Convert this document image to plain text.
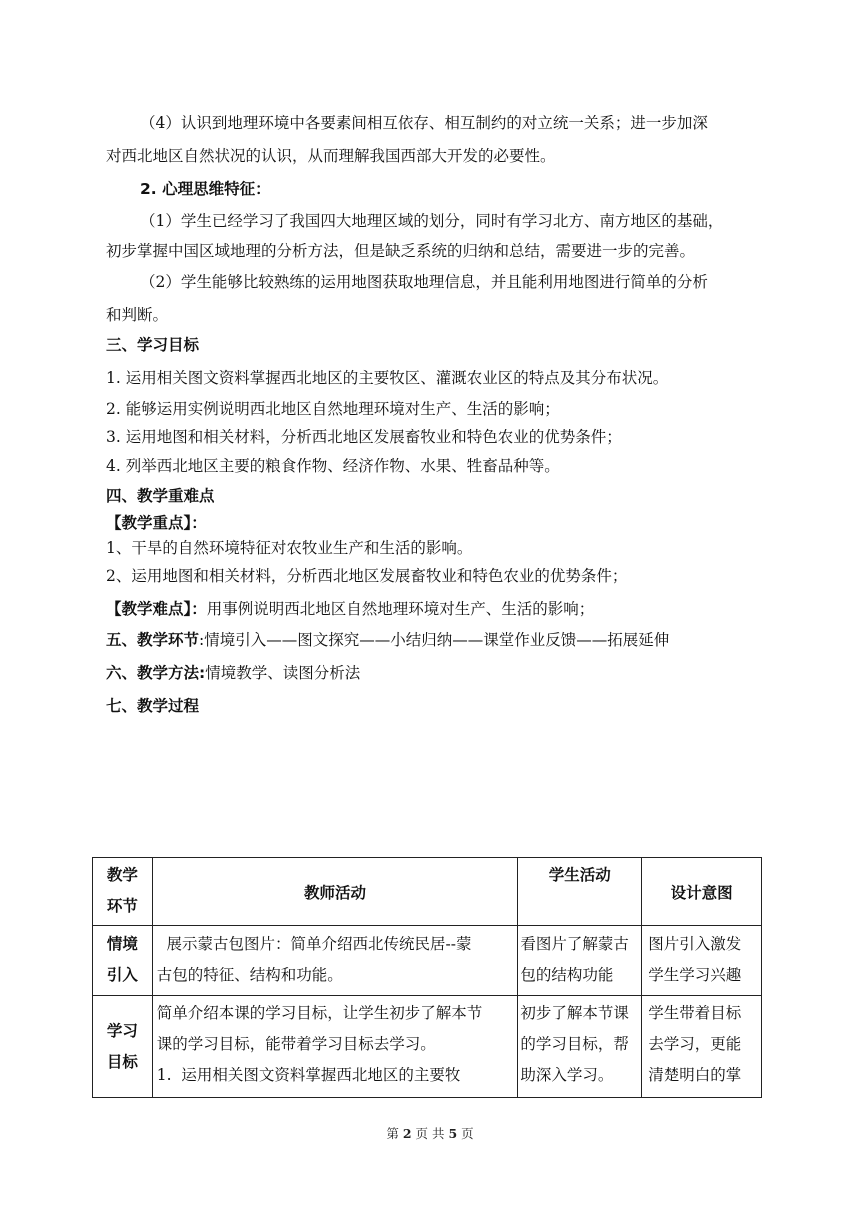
（4）认识到地理环境中各要素间相互依存、相互制约的对立统一关系；进一步加深
对西北地区自然状况的认识，从而理解我国西部大开发的必要性。
2. 心理思维特征：
（1）学生已经学习了我国四大地理区域的划分，同时有学习北方、南方地区的基础，
初步掌握中国区域地理的分析方法，但是缺乏系统的归纳和总结，需要进一步的完善。
（2）学生能够比较熟练的运用地图获取地理信息，并且能利用地图进行简单的分析
和判断。
三、学习目标
1. 运用相关图文资料掌握西北地区的主要牧区、灌溉农业区的特点及其分布状况。
2. 能够运用实例说明西北地区自然地理环境对生产、生活的影响；
3. 运用地图和相关材料，分析西北地区发展畜牧业和特色农业的优势条件；
4. 列举西北地区主要的粮食作物、经济作物、水果、牲畜品种等。
四、教学重难点
【教学重点】：
1、干旱的自然环境特征对农牧业生产和生活的影响。
2、运用地图和相关材料，分析西北地区发展畜牧业和特色农业的优势条件；
【教学难点】：用事例说明西北地区自然地理环境对生产、生活的影响；
五、教学环节:情境引入——图文探究——小结归纳——课堂作业反馈——拓展延伸
六、教学方法:情境教学、读图分析法
七、教学过程
教学
环节	教师活动	学生活动	设计意图

情境
引入	展示蒙古包图片：简单介绍西北传统民居--蒙
古包的特征、结构和功能。	看图片了解蒙古
包的结构功能	图片引入激发
学生学习兴趣

学习
目标	简单介绍本课的学习目标，让学生初步了解本节
课的学习目标，能带着学习目标去学习。
1.  运用相关图文资料掌握西北地区的主要牧	初步了解本节课
的学习目标，帮
助深入学习。	学生带着目标
去学习，更能
清楚明白的掌
第 2 页 共 5 页
